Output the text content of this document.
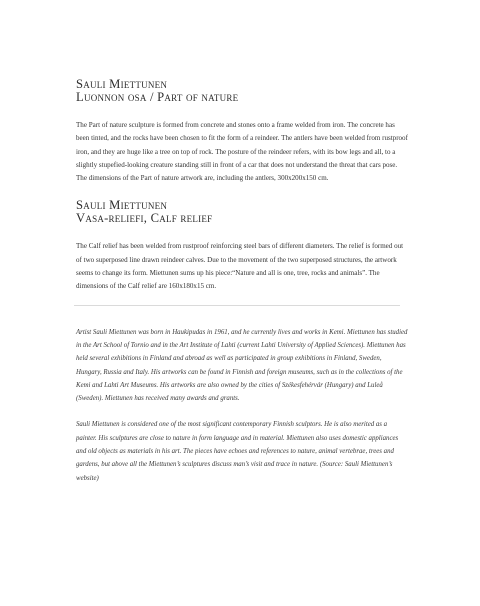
Sauli Miettunen
Luonnon osa / Part of nature

The Part of nature sculpture is formed from concrete and stones onto a frame welded from iron. The concrete has been tinted, and the rocks have been chosen to fit the form of a reindeer. The antlers have been welded from rustproof iron, and they are huge like a tree on top of rock. The posture of the reindeer refers, with its bow legs and all, to a slightly stupefied-looking creature standing still in front of a car that does not understand the threat that cars pose. The dimensions of the Part of nature artwork are, including the antlers, 300x200x150 cm.

Sauli Miettunen
Vasa-reliefi, Calf relief

The Calf relief has been welded from rustproof reinforcing steel bars of different diameters. The relief is formed out of two superposed line drawn reindeer calves. Due to the movement of the two superposed structures, the artwork seems to change its form. Miettunen sums up his piece:“Nature and all is one, tree, rocks and animals”. The dimensions of the Calf relief are 160x180x15 cm.

Artist Sauli Miettunen was born in Haukipudas in 1961, and he currently lives and works in Kemi. Miettunen has studied in the Art School of Tornio and in the Art Institute of Lahti (current Lahti University of Applied Sciences). Miettunen has held several exhibitions in Finland and abroad as well as participated in group exhibitions in Finland, Sweden, Hungary, Russia and Italy. His artworks can be found in Finnish and foreign museums, such as in the collections of the Kemi and Lahti Art Museums. His artworks are also owned by the cities of Székesfehérvár (Hungary) and Luleå (Sweden). Miettunen has received many awards and grants.

Sauli Miettunen is considered one of the most significant contemporary Finnish sculptors. He is also merited as a painter. His sculptures are close to nature in form language and in material. Miettunen also uses domestic appliances and old objects as materials in his art. The pieces have echoes and references to nature, animal vertebrae, trees and gardens, but above all the Miettunen’s sculptures discuss man’s visit and trace in nature. (Source: Sauli Miettunen’s website)
